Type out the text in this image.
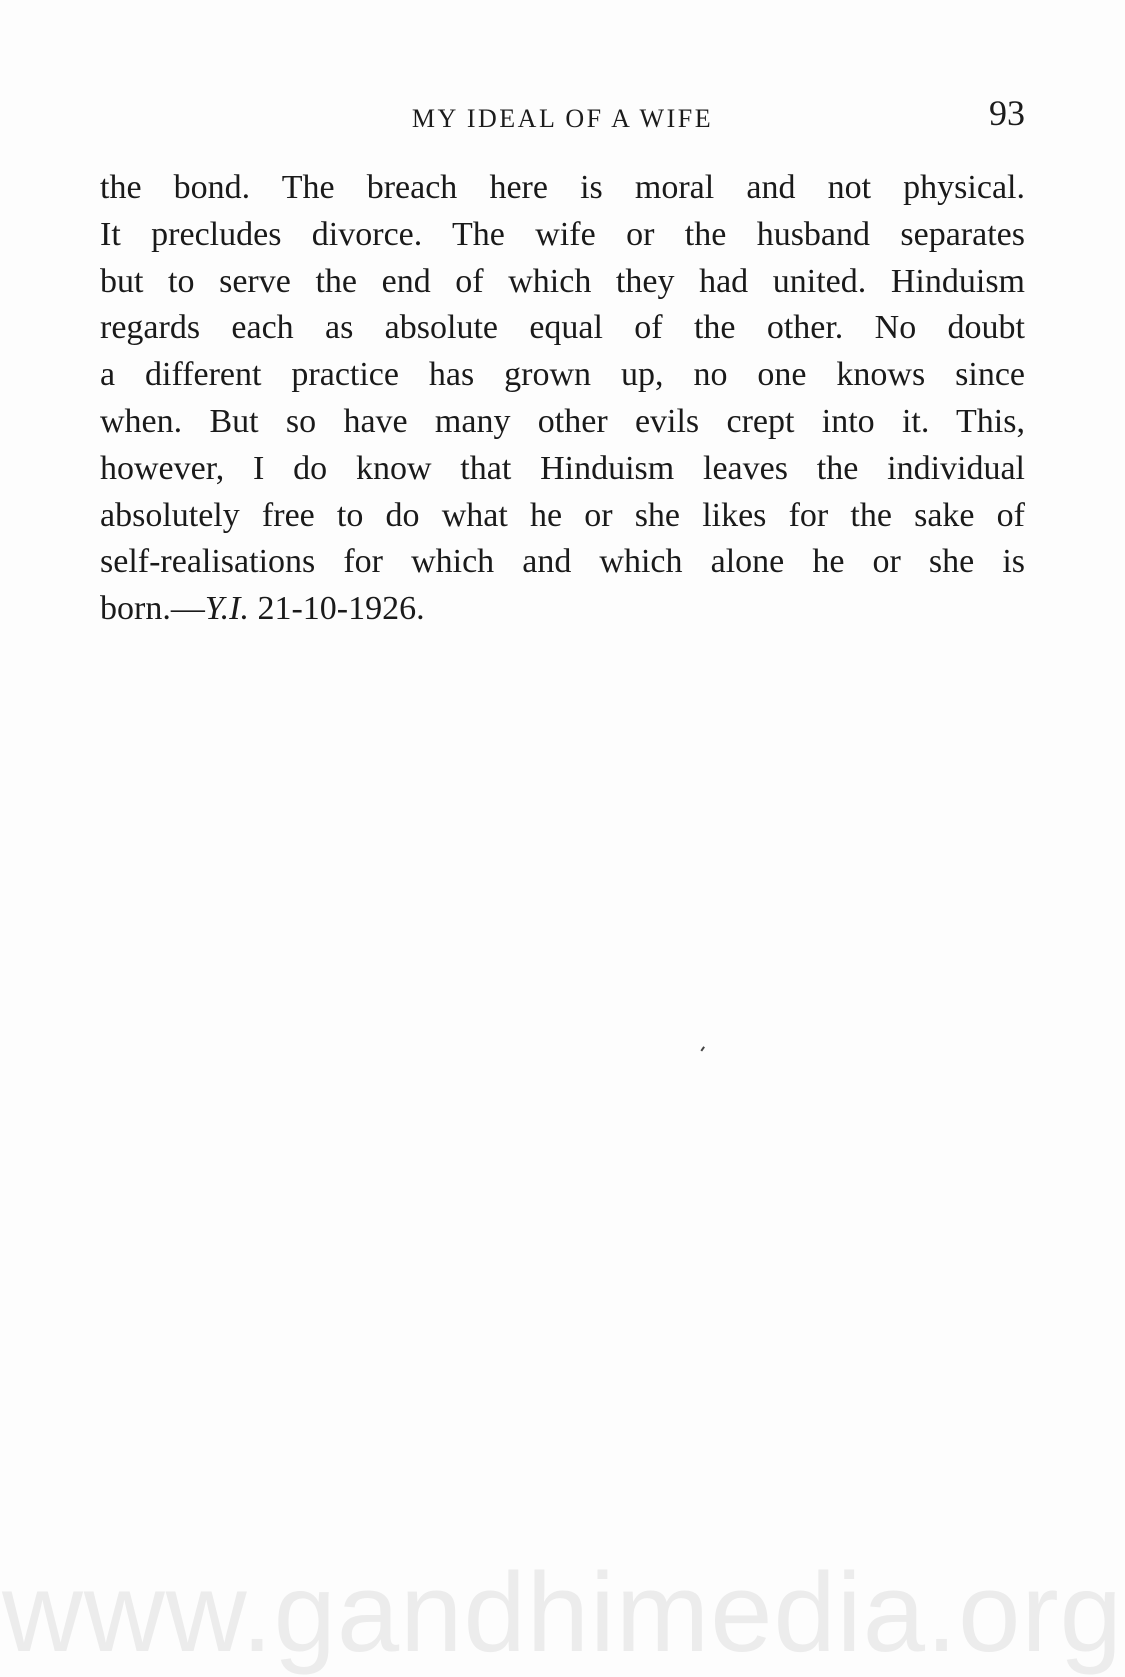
MY IDEAL OF A WIFE	93
the bond. The breach here is moral and not physical.
It precludes divorce. The wife or the husband separates
but to serve the end of which they had united. Hinduism
regards each as absolute equal of the other. No doubt
a different practice has grown up, no one knows since
when. But so have many other evils crept into it. This,
however, I do know that Hinduism leaves the individual
absolutely free to do what he or she likes for the sake of
self-realisations for which and which alone he or she is
born.—Y.I. 21-10-1926.
www.gandhimedia.org
